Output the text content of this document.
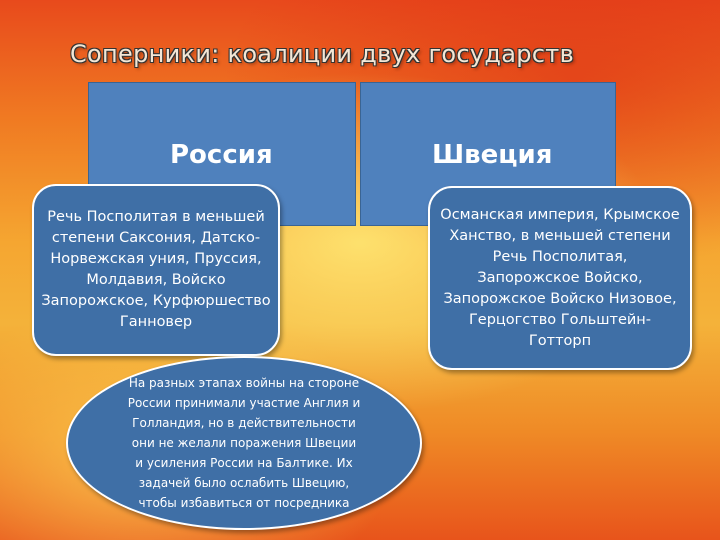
Соперники: коалиции двух государств
Россия	Швеция

Речь Посполитая в меньшей степени Саксония, Датско-Норвежская уния, Пруссия, Молдавия, Войско Запорожское, Курфюршество Ганновер

Османская империя, Крымское Ханство, в меньшей степени Речь Посполитая, Запорожское Войско, Запорожское Войско Низовое, Герцогство Гольштейн-Готторп

На разных этапах войны на стороне России принимали участие Англия и Голландия, но в действительности они не желали поражения Швеции и усиления России на Балтике. Их задачей было ослабить Швецию, чтобы избавиться от посредника
